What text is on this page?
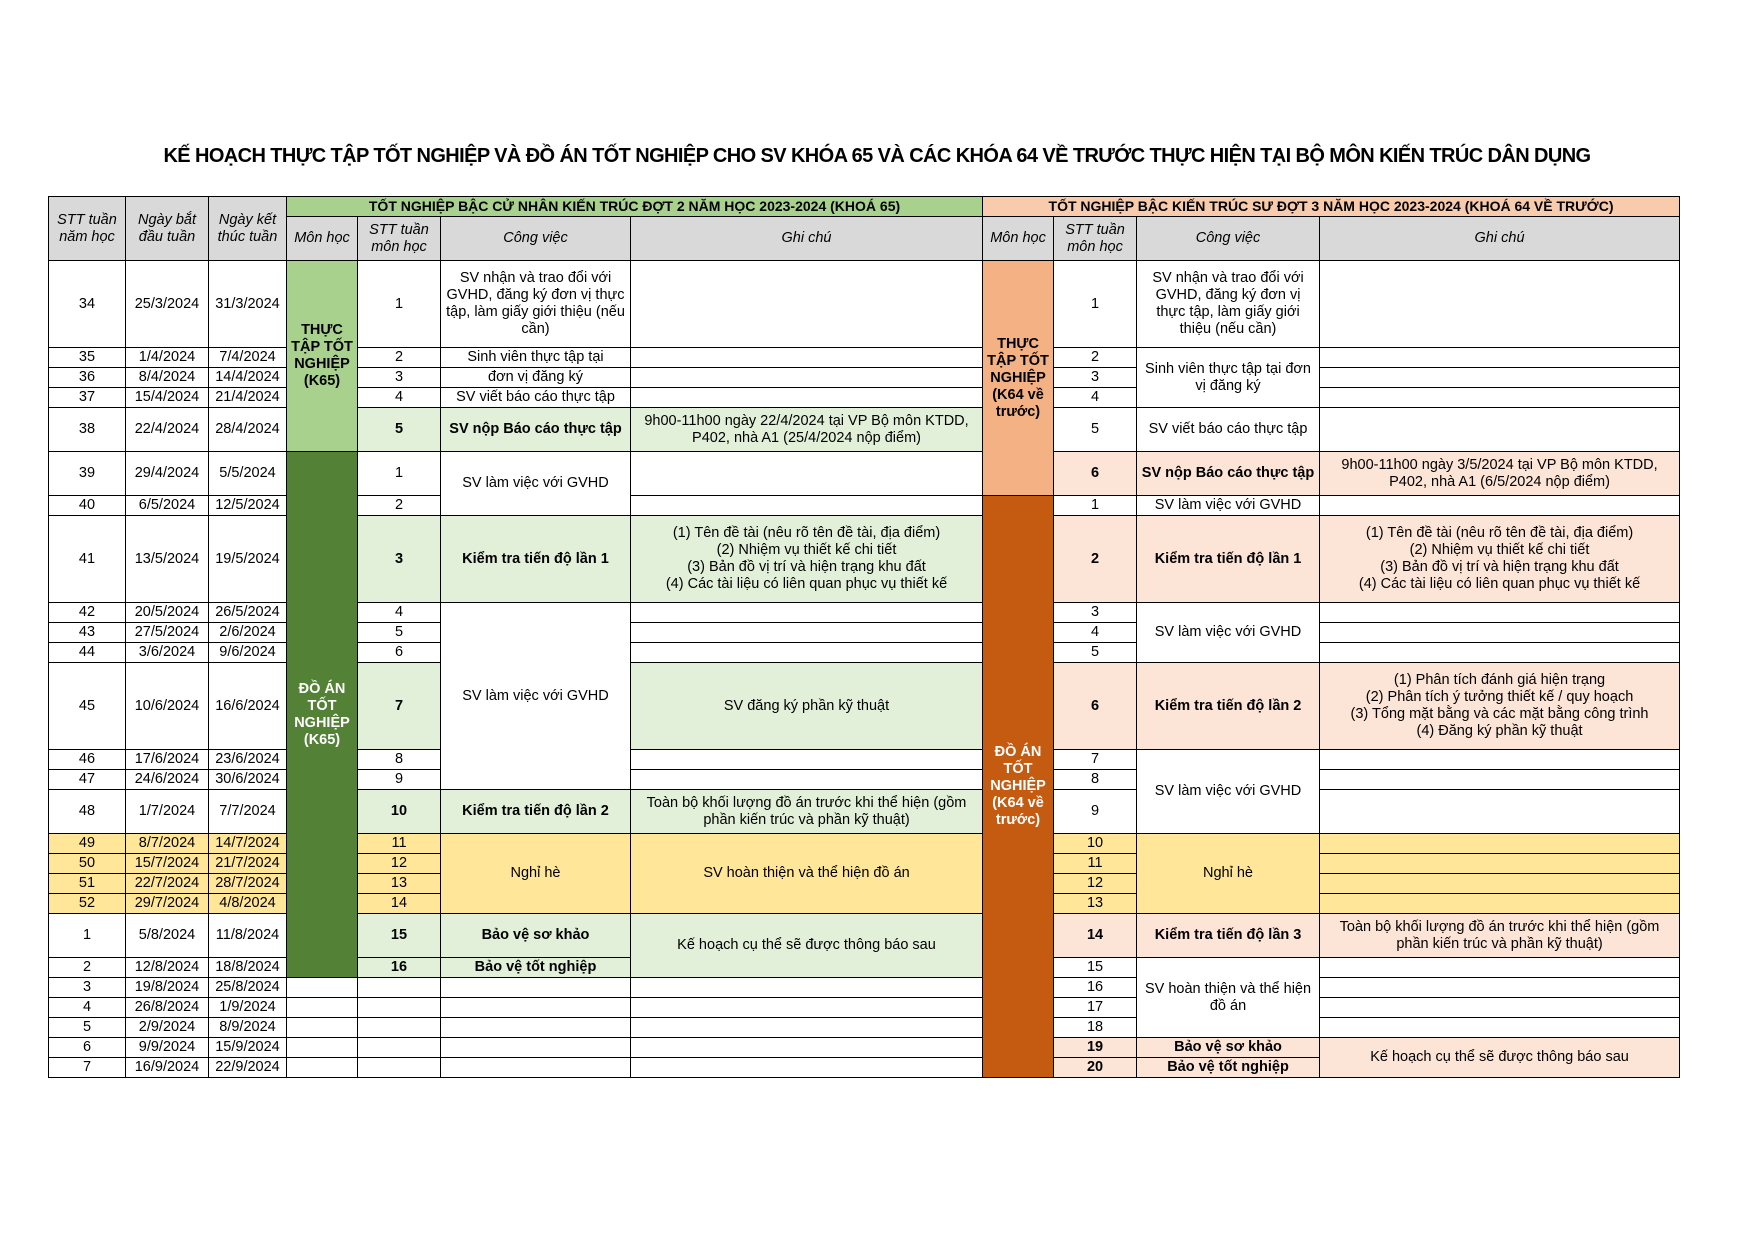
KẾ HOẠCH THỰC TẬP TỐT NGHIỆP VÀ ĐỒ ÁN TỐT NGHIỆP CHO SV KHÓA 65 VÀ CÁC KHÓA 64 VỀ TRƯỚC THỰC HIỆN TẠI BỘ MÔN KIẾN TRÚC DÂN DỤNG
STT tuần năm học	Ngày bắt đầu tuần	Ngày kết thúc tuần	TỐT NGHIỆP BẬC CỬ NHÂN KIẾN TRÚC ĐỢT 2 NĂM HỌC 2023-2024 (KHOÁ 65)				TỐT NGHIỆP BẬC KIẾN TRÚC SƯ ĐỢT 3 NĂM HỌC 2023-2024 (KHOÁ 64 VỀ TRƯỚC)			
			Môn học	STT tuần môn học	Công việc	Ghi chú	Môn học	STT tuần môn học	Công việc	Ghi chú
34	25/3/2024	31/3/2024	THỰC TẬP TỐT NGHIỆP (K65)	1	SV nhận và trao đổi với GVHD, đăng ký đơn vị thực tập, làm giấy giới thiệu (nếu cần)		THỰC TẬP TỐT NGHIỆP (K64 về trước)	1	SV nhận và trao đổi với GVHD, đăng ký đơn vị thực tập, làm giấy giới thiệu (nếu cần)	
35	1/4/2024	7/4/2024		2	Sinh viên thực tập tại			2	Sinh viên thực tập tại đơn vị đăng ký	
36	8/4/2024	14/4/2024		3	đơn vị đăng ký			3		
37	15/4/2024	21/4/2024		4	SV viết báo cáo thực tập			4		
38	22/4/2024	28/4/2024		5	SV nộp Báo cáo thực tập	9h00-11h00 ngày 22/4/2024 tại VP Bộ môn KTDD, P402, nhà A1 (25/4/2024 nộp điểm)		5	SV viết báo cáo thực tập	
39	29/4/2024	5/5/2024	ĐỒ ÁN TỐT NGHIỆP (K65)	1	SV làm việc với GVHD			6	SV nộp Báo cáo thực tập	9h00-11h00 ngày 3/5/2024 tại VP Bộ môn KTDD, P402, nhà A1 (6/5/2024 nộp điểm)
40	6/5/2024	12/5/2024		2			ĐỒ ÁN TỐT NGHIỆP (K64 về trước)	1	SV làm việc với GVHD	
41	13/5/2024	19/5/2024		3	Kiểm tra tiến độ lần 1	(1) Tên đề tài (nêu rõ tên đề tài, địa điểm)
(2) Nhiệm vụ thiết kế chi tiết
(3) Bản đồ vị trí và hiện trạng khu đất
(4) Các tài liệu có liên quan phục vụ thiết kế		2	Kiểm tra tiến độ lần 1	(1) Tên đề tài (nêu rõ tên đề tài, địa điểm)
(2) Nhiệm vụ thiết kế chi tiết
(3) Bản đồ vị trí và hiện trạng khu đất
(4) Các tài liệu có liên quan phục vụ thiết kế
42	20/5/2024	26/5/2024		4	SV làm việc với GVHD			3	SV làm việc với GVHD	
43	27/5/2024	2/6/2024		5				4		
44	3/6/2024	9/6/2024		6				5		
45	10/6/2024	16/6/2024		7		SV đăng ký phần kỹ thuật		6	Kiểm tra tiến độ lần 2	(1) Phân tích đánh giá hiện trạng
(2) Phân tích ý tưởng thiết kế / quy hoạch
(3) Tổng mặt bằng và các mặt bằng công trình
(4) Đăng ký phần kỹ thuật
46	17/6/2024	23/6/2024		8				7	SV làm việc với GVHD	
47	24/6/2024	30/6/2024		9				8		
48	1/7/2024	7/7/2024		10	Kiểm tra tiến độ lần 2	Toàn bộ khối lượng đồ án trước khi thể hiện (gồm phần kiến trúc và phần kỹ thuật)		9		
49	8/7/2024	14/7/2024		11	Nghỉ hè	SV hoàn thiện và thể hiện đồ án		10	Nghỉ hè	
50	15/7/2024	21/7/2024		12				11		
51	22/7/2024	28/7/2024		13				12		
52	29/7/2024	4/8/2024		14				13		
1	5/8/2024	11/8/2024		15	Bảo vệ sơ khảo	Kế hoạch cụ thể sẽ được thông báo sau		14	Kiểm tra tiến độ lần 3	Toàn bộ khối lượng đồ án trước khi thể hiện (gồm phần kiến trúc và phần kỹ thuật)
2	12/8/2024	18/8/2024		16	Bảo vệ tốt nghiệp			15	SV hoàn thiện và thể hiện đồ án	
3	19/8/2024	25/8/2024						16		
4	26/8/2024	1/9/2024						17		
5	2/9/2024	8/9/2024						18		
6	9/9/2024	15/9/2024						19	Bảo vệ sơ khảo	Kế hoạch cụ thể sẽ được thông báo sau
7	16/9/2024	22/9/2024						20	Bảo vệ tốt nghiệp	
